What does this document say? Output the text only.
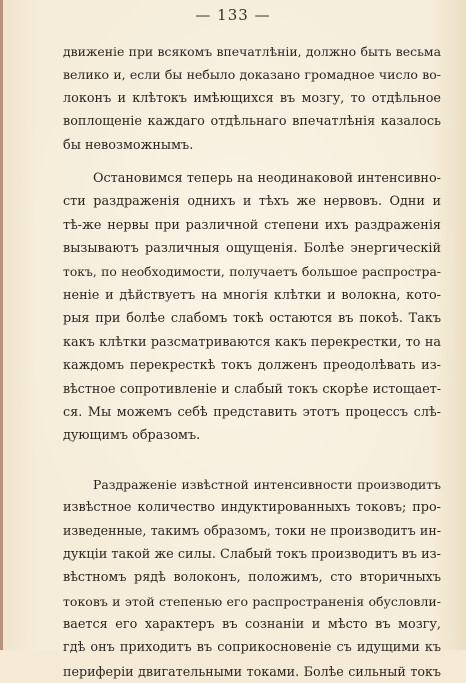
— 133 —
движеніе при всякомъ впечатлѣніи, должно быть весьма
велико и, если бы небыло доказано громадное число во-
локонъ и клѣтокъ имѣющихся въ мозгу, то отдѣльное
воплощеніе каждаго отдѣльнаго впечатлѣнія казалось
бы невозможнымъ.
Остановимся теперь на неодинаковой интенсивно-
сти раздраженія однихъ и тѣхъ же нервовъ. Одни и
тѣ-же нервы при различной степени ихъ раздраженія
вызываютъ различныя ощущенія. Болѣе энергическій
токъ, по необходимости, получаетъ большое распростра-
неніе и дѣйствуетъ на многія клѣтки и волокна, кото-
рыя при болѣе слабомъ токѣ остаются въ покоѣ. Такъ
какъ клѣтки разсматриваются какъ перекрестки, то на
каждомъ перекресткѣ токъ долженъ преодолѣвать из-
вѣстное сопротивленіе и слабый токъ скорѣе истощает-
ся. Мы можемъ себѣ представить этотъ процессъ слѣ-
дующимъ образомъ.
Раздраженіе извѣстной интенсивности производитъ
извѣстное количество индуктированныхъ токовъ; про-
изведенные, такимъ образомъ, токи не производитъ ин-
дукціи такой же силы. Слабый токъ производитъ въ из-
вѣстномъ рядѣ волоконъ, положимъ, сто вторичныхъ
токовъ и этой степенью его распространенія обусловли-
вается его характеръ въ сознаніи и мѣсто въ мозгу,
гдѣ онъ приходитъ въ соприкосновеніе съ идущими къ
периферіи двигательными токами. Болѣе сильный токъ
